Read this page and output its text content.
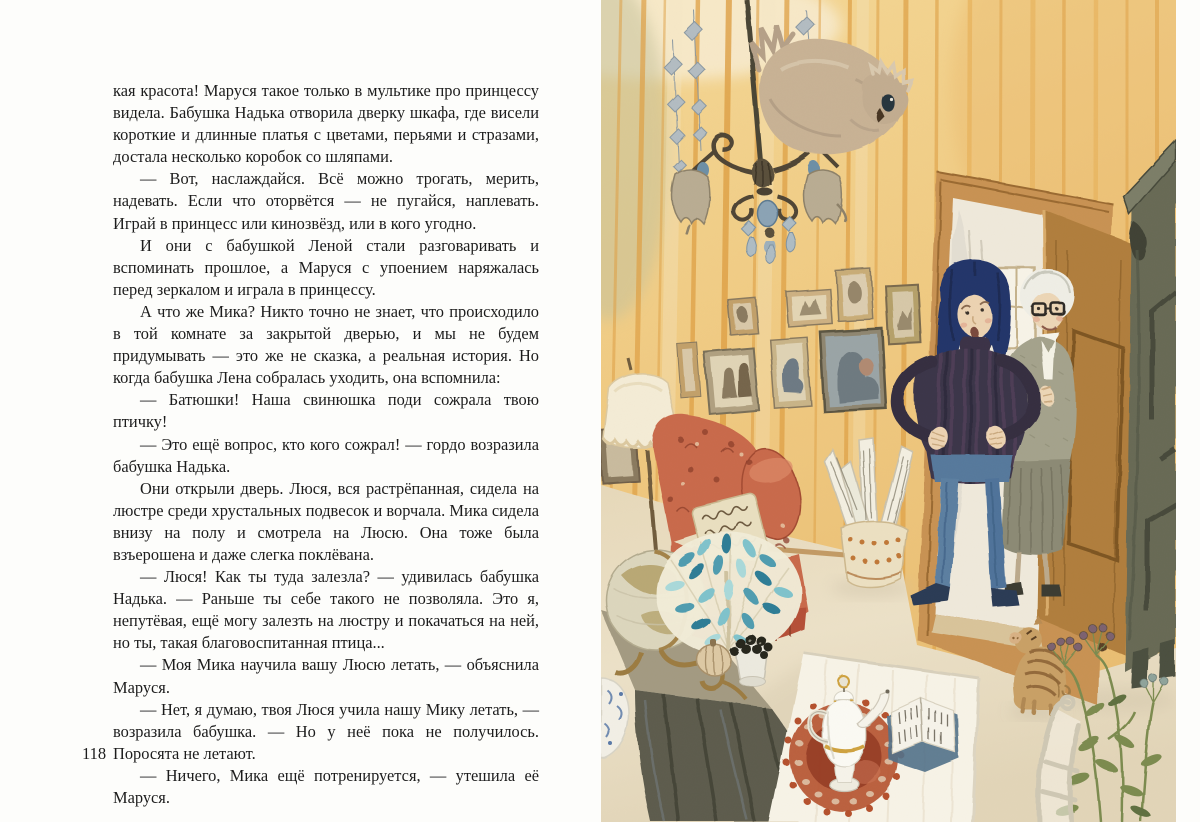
кая красота! Маруся такое только в мультике про принцессу видела. Бабушка Надька отворила дверку шкафа, где висели короткие и длинные платья с цветами, перьями и стразами, достала несколько коробок со шляпами.

— Вот, наслаждайся. Всё можно трогать, мерить, надевать. Если что оторвётся — не пугайся, наплевать. Играй в принцесс или кинозвёзд, или в кого угодно.

И они с бабушкой Леной стали разговаривать и вспоминать прошлое, а Маруся с упоением наряжалась перед зеркалом и играла в принцессу.

А что же Мика? Никто точно не знает, что происходило в той комнате за закрытой дверью, и мы не будем придумывать — это же не сказка, а реальная история. Но когда бабушка Лена собралась уходить, она вспомнила:

— Батюшки! Наша свинюшка поди сожрала твою птичку!

— Это ещё вопрос, кто кого сожрал! — гордо возразила бабушка Надька.

Они открыли дверь. Люся, вся растрёпанная, сидела на люстре среди хрустальных подвесок и ворчала. Мика сидела внизу на полу и смотрела на Люсю. Она тоже была взъерошена и даже слегка поклёвана.

— Люся! Как ты туда залезла? — удивилась бабушка Надька. — Раньше ты себе такого не позволяла. Это я, непутёвая, ещё могу залезть на люстру и покачаться на ней, но ты, такая благовоспитанная птица...

— Моя Мика научила вашу Люсю летать, — объяснила Маруся.

— Нет, я думаю, твоя Люся учила нашу Мику летать, — возразила бабушка. — Но у неё пока не получилось. Поросята не летают.

— Ничего, Мика ещё потренируется, — утешила её Маруся.

118
